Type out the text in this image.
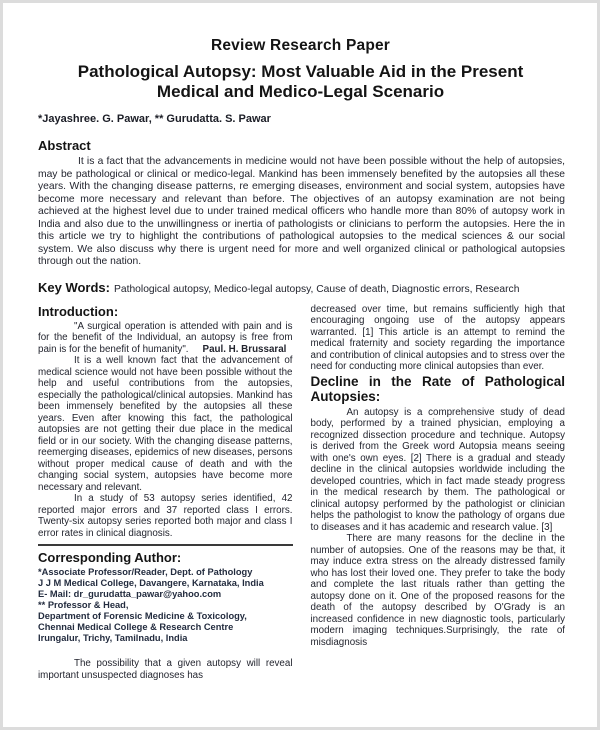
Review Research Paper
Pathological Autopsy: Most Valuable Aid in the Present
Medical and Medico-Legal Scenario
*Jayashree. G. Pawar, ** Gurudatta. S. Pawar
Abstract

It is a fact that the advancements in medicine would not have been possible without the help of autopsies, may be pathological or clinical or medico-legal. Mankind has been immensely benefited by the autopsies all these years. With the changing disease patterns, re emerging diseases, environment and social system, autopsies have become more necessary and relevant than before. The objectives of an autopsy examination are not being achieved at the highest level due to under trained medical officers who handle more than 80% of autopsy work in India and also due to the unwillingness or inertia of pathologists or clinicians to perform the autopsies. Here the in this article we try to highlight the contributions of pathological autopsies to the medical sciences & our social system. We also discuss why there is urgent need for more and well organized clinical or pathological autopsies through out the nation.

Key Words: Pathological autopsy, Medico-legal autopsy, Cause of death, Diagnostic errors, Research
Introduction:

"A surgical operation is attended with pain and is for the benefit of the Individual, an autopsy is free from pain is for the benefit of humanity". Paul. H. Brussaral

It is a well known fact that the advancement of medical science would not have been possible without the help and useful contributions from the autopsies, especially the pathological/clinical autopsies. Mankind has been immensely benefited by the autopsies all these years. Even after knowing this fact, the pathological autopsies are not getting their due place in the medical field or in our society. With the changing disease patterns, reemerging diseases, epidemics of new diseases, persons without proper medical cause of death and with the changing social system, autopsies have become more necessary and relevant.

In a study of 53 autopsy series identified, 42 reported major errors and 37 reported class I errors. Twenty-six autopsy series reported both major and class I error rates in clinical diagnosis.

Corresponding Author:
*Associate Professor/Reader, Dept. of Pathology
J J M Medical College, Davangere, Karnataka, India
E- Mail: dr_gurudatta_pawar@yahoo.com
** Professor & Head,
Department of Forensic Medicine & Toxicology,
Chennai Medical College & Research Centre
Irungalur, Trichy, Tamilnadu, India

The possibility that a given autopsy will reveal important unsuspected diagnoses has

decreased over time, but remains sufficiently high that encouraging ongoing use of the autopsy appears warranted. [1] This article is an attempt to remind the medical fraternity and society regarding the importance and contribution of clinical autopsies and to stress over the need for conducting more clinical autopsies than ever.

Decline in the Rate of Pathological Autopsies:

An autopsy is a comprehensive study of dead body, performed by a trained physician, employing a recognized dissection procedure and technique. Autopsy is derived from the Greek word Autopsia means seeing with one's own eyes. [2] There is a gradual and steady decline in the clinical autopsies worldwide including the developed countries, which in fact made steady progress in the medical research by them. The pathological or clinical autopsy performed by the pathologist or clinician helps the pathologist to know the pathology of organs due to diseases and it has academic and research value. [3]

There are many reasons for the decline in the number of autopsies. One of the reasons may be that, it may induce extra stress on the already distressed family who has lost their loved one. They prefer to take the body and complete the last rituals rather than getting the autopsy done on it. One of the proposed reasons for the death of the autopsy described by O'Grady is an increased confidence in new diagnostic tools, particularly modern imaging techniques.Surprisingly, the rate of misdiagnosis
